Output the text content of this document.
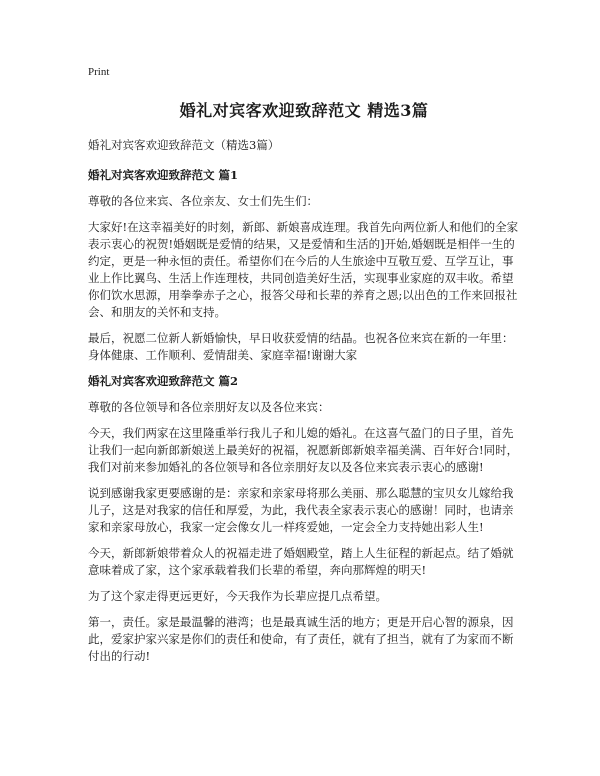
Print
婚礼对宾客欢迎致辞范文 精选3篇
婚礼对宾客欢迎致辞范文（精选3篇）
婚礼对宾客欢迎致辞范文 篇1

尊敬的各位来宾、各位亲友、女士们先生们：

大家好!在这幸福美好的时刻，新郎、新娘喜成连理。我首先向两位新人和他们的全家表示衷心的祝贺!婚姻既是爱情的结果，又是爱情和生活的]开始,婚姻既是相伴一生的约定，更是一种永恒的责任。希望你们在今后的人生旅途中互敬互爱、互学互让，事业上作比翼鸟、生活上作连理枝，共同创造美好生活，实现事业家庭的双丰收。希望你们饮水思源，用拳拳赤子之心，报答父母和长辈的养育之恩;以出色的工作来回报社会、和朋友的关怀和支持。

最后，祝愿二位新人新婚愉快，早日收获爱情的结晶。也祝各位来宾在新的一年里：身体健康、工作顺利、爱情甜美、家庭幸福!谢谢大家

婚礼对宾客欢迎致辞范文 篇2

尊敬的各位领导和各位亲朋好友以及各位来宾：

今天，我们两家在这里隆重举行我儿子和儿媳的婚礼。在这喜气盈门的日子里，首先让我们一起向新郎新娘送上最美好的祝福，祝愿新郎新娘幸福美满、百年好合!同时，我们对前来参加婚礼的各位领导和各位亲朋好友以及各位来宾表示衷心的感谢!

说到感谢我家更要感谢的是：亲家和亲家母将那么美丽、那么聪慧的宝贝女儿嫁给我儿子，这是对我家的信任和厚爱，为此，我代表全家表示衷心的感谢！同时，也请亲家和亲家母放心，我家一定会像女儿一样疼爱她，一定会全力支持她出彩人生!

今天，新郎新娘带着众人的祝福走进了婚姻殿堂，踏上人生征程的新起点。结了婚就意味着成了家，这个家承载着我们长辈的希望，奔向那辉煌的明天!

为了这个家走得更远更好，今天我作为长辈应提几点希望。

第一，责任。家是最温馨的港湾；也是最真诚生活的地方；更是开启心智的源泉，因此，爱家护家兴家是你们的责任和使命，有了责任，就有了担当，就有了为家而不断付出的行动!
